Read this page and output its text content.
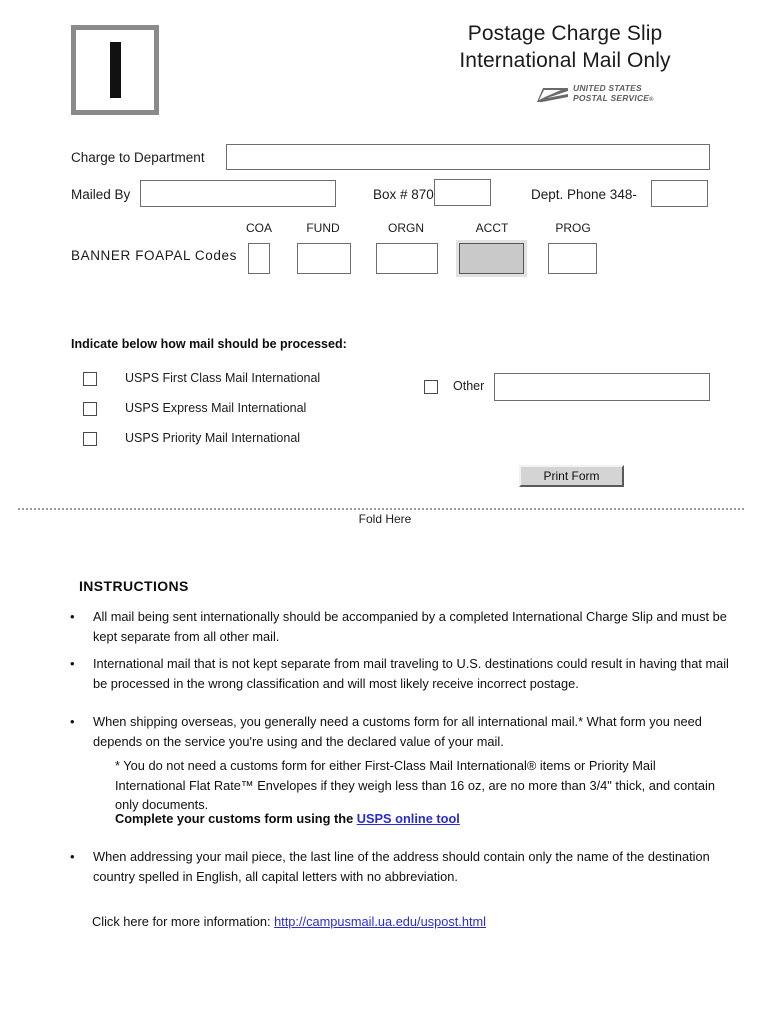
Postage Charge Slip
International Mail Only
UNITED STATES
POSTAL SERVICE®
Charge to Department
Mailed By	Box # 870	Dept. Phone 348-
BANNER FOAPAL Codes
COA	FUND	ORGN	ACCT	PROG
Indicate below how mail should be processed:
USPS First Class Mail International
USPS Express Mail International
USPS Priority Mail International
Other
Print Form
Fold Here
INSTRUCTIONS
•	All mail being sent internationally should be accompanied by a completed International Charge Slip and must be kept separate from all other mail.
•	International mail that is not kept separate from mail traveling to U.S. destinations could result in having that mail be processed in the wrong classification and will most likely receive incorrect postage.
•	When shipping overseas, you generally need a customs form for all international mail.* What form you need depends on the service you're using and the declared value of your mail.
* You do not need a customs form for either First-Class Mail International® items or Priority Mail International Flat Rate™ Envelopes if they weigh less than 16 oz, are no more than 3/4" thick, and contain only documents.
Complete your customs form using the USPS online tool
•	When addressing your mail piece, the last line of the address should contain only the name of the destination country spelled in English, all capital letters with no abbreviation.
Click here for more information: http://campusmail.ua.edu/uspost.html
